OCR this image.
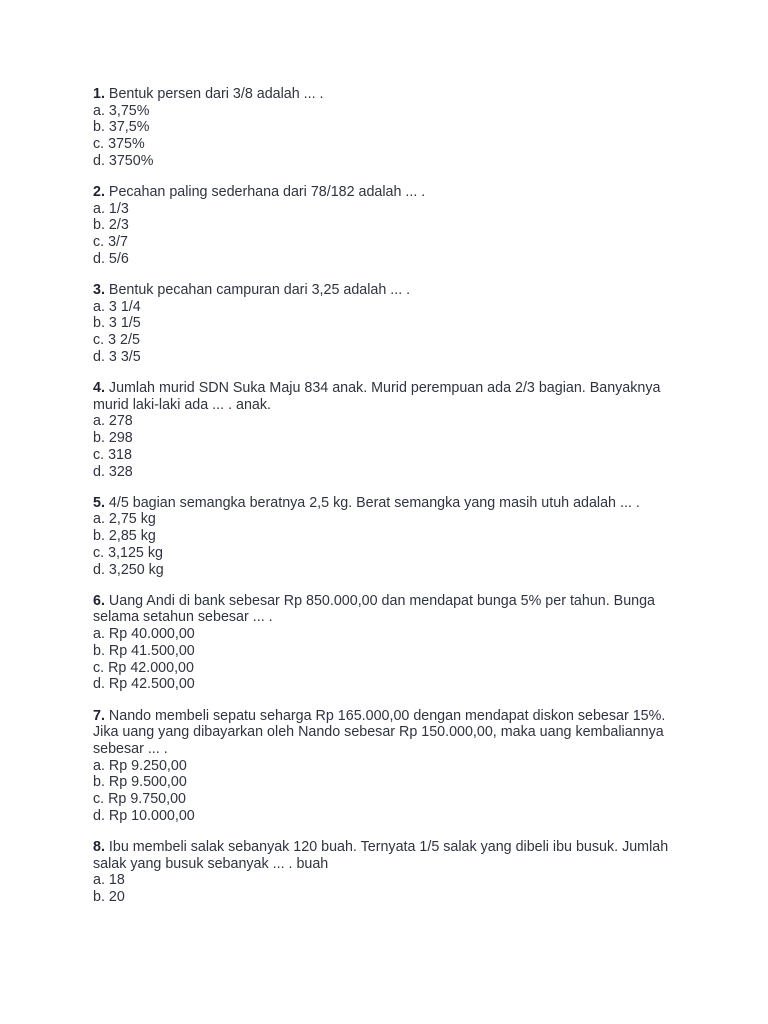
1. Bentuk persen dari 3/8 adalah ... .
a. 3,75%
b. 37,5%
c. 375%
d. 3750%
2. Pecahan paling sederhana dari 78/182 adalah ... .
a. 1/3
b. 2/3
c. 3/7
d. 5/6
3. Bentuk pecahan campuran dari 3,25 adalah ... .
a. 3 1/4
b. 3 1/5
c. 3 2/5
d. 3 3/5
4. Jumlah murid SDN Suka Maju 834 anak. Murid perempuan ada 2/3 bagian. Banyaknya murid laki-laki ada ... . anak.
a. 278
b. 298
c. 318
d. 328
5. 4/5 bagian semangka beratnya 2,5 kg. Berat semangka yang masih utuh adalah ... .
a. 2,75 kg
b. 2,85 kg
c. 3,125 kg
d. 3,250 kg
6. Uang Andi di bank sebesar Rp 850.000,00 dan mendapat bunga 5% per tahun. Bunga selama setahun sebesar ... .
a. Rp 40.000,00
b. Rp 41.500,00
c. Rp 42.000,00
d. Rp 42.500,00
7. Nando membeli sepatu seharga Rp 165.000,00 dengan mendapat diskon sebesar 15%. Jika uang yang dibayarkan oleh Nando sebesar Rp 150.000,00, maka uang kembaliannya sebesar ... .
a. Rp 9.250,00
b. Rp 9.500,00
c. Rp 9.750,00
d. Rp 10.000,00
8. Ibu membeli salak sebanyak 120 buah. Ternyata 1/5 salak yang dibeli ibu busuk. Jumlah salak yang busuk sebanyak ... . buah
a. 18
b. 20
